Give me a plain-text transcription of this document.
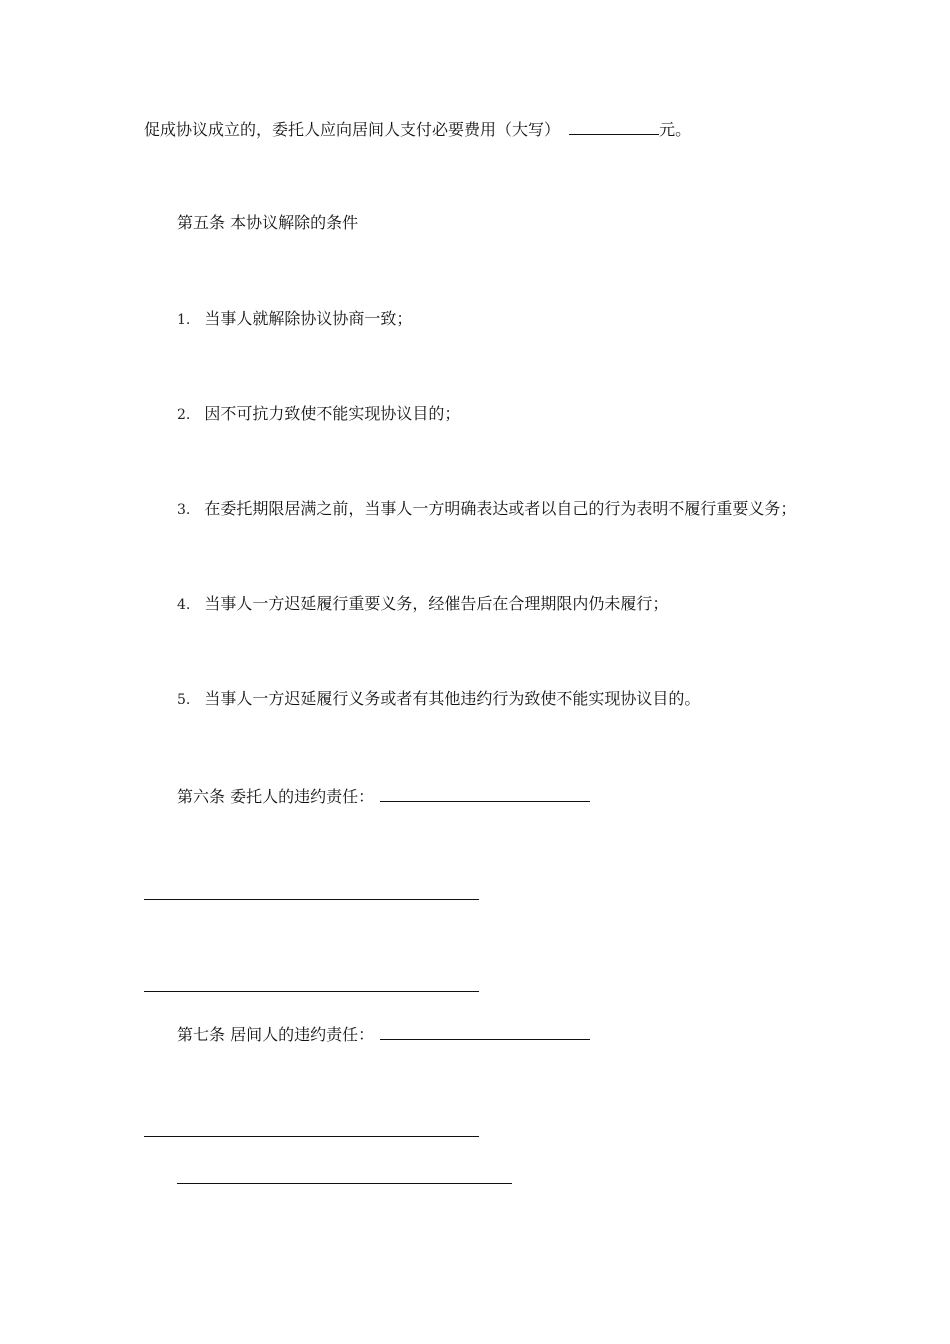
促成协议成立的，委托人应向居间人支付必要费用（大写）	元。
第五条 本协议解除的条件
1. 当事人就解除协议协商一致；
2. 因不可抗力致使不能实现协议目的；
3. 在委托期限居满之前，当事人一方明确表达或者以自己的行为表明不履行重要义务；
4. 当事人一方迟延履行重要义务，经催告后在合理期限内仍未履行；
5. 当事人一方迟延履行义务或者有其他违约行为致使不能实现协议目的。
第六条 委托人的违约责任：
第七条 居间人的违约责任：
